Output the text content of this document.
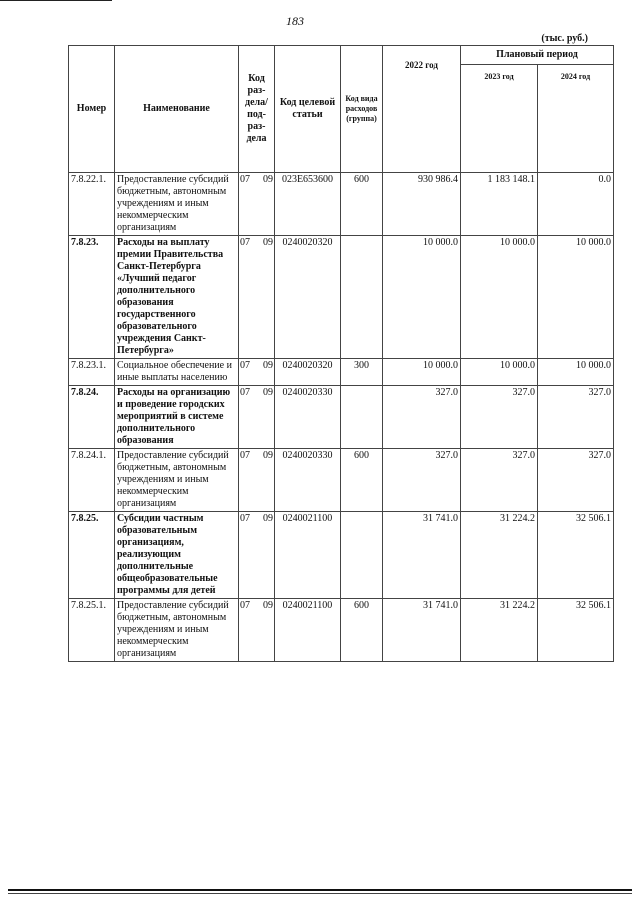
183
(тыс. руб.)
Номер	Наименование	Код раз-дела/ под-раз-дела	Код целевой статьи	Код вида расходов (группа)	2022 год	Плановый период	
						2023 год	2024 год
7.8.22.1.	Предоставление субсидий бюджетным, автономным учреждениям и иным некоммерческим организациям	07 09	023E653600	600	930 986.4	1 183 148.1	0.0
7.8.23.	Расходы на выплату премии Правительства Санкт-Петербурга «Лучший педагог дополнительного образования государственного образовательного учреждения Санкт-Петербурга»	07 09	0240020320		10 000.0	10 000.0	10 000.0
7.8.23.1.	Социальное обеспечение и иные выплаты населению	07 09	0240020320	300	10 000.0	10 000.0	10 000.0
7.8.24.	Расходы на организацию и проведение городских мероприятий в системе дополнительного образования	07 09	0240020330		327.0	327.0	327.0
7.8.24.1.	Предоставление субсидий бюджетным, автономным учреждениям и иным некоммерческим организациям	07 09	0240020330	600	327.0	327.0	327.0
7.8.25.	Субсидии частным образовательным организациям, реализующим дополнительные общеобразовательные программы для детей	07 09	0240021100		31 741.0	31 224.2	32 506.1
7.8.25.1.	Предоставление субсидий бюджетным, автономным учреждениям и иным некоммерческим организациям	07 09	0240021100	600	31 741.0	31 224.2	32 506.1
